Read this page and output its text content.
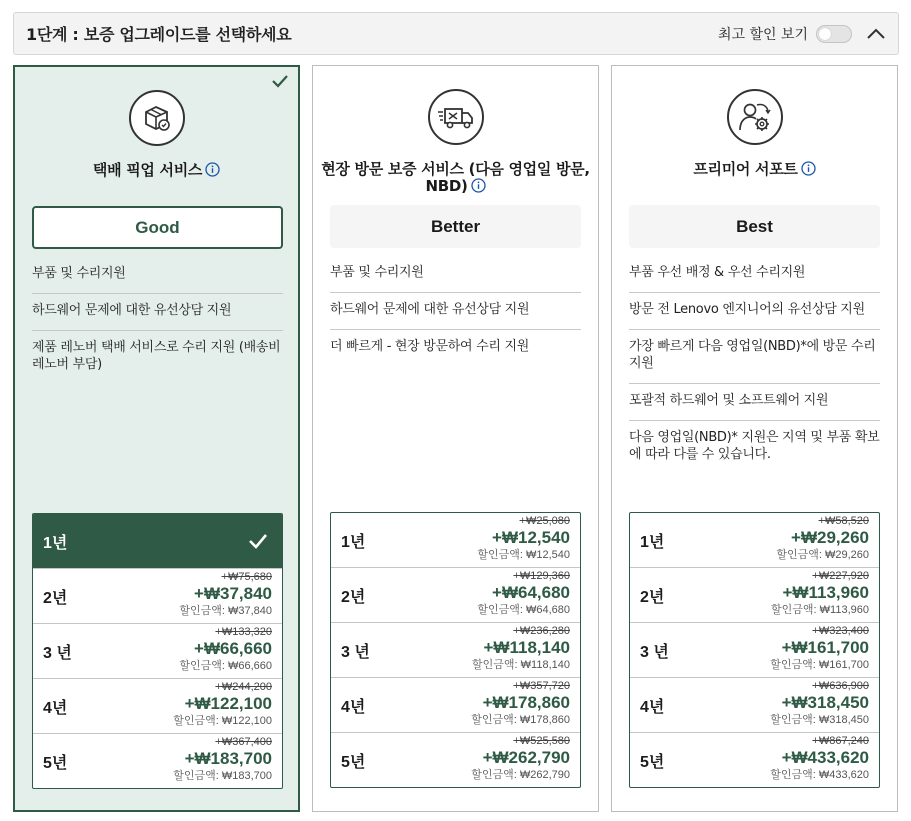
1단계 : 보증 업그레이드를 선택하세요	최고 할인 보기
택배 픽업 서비스
Good
부품 및 수리지원
하드웨어 문제에 대한 유선상담 지원
제품 레노버 택배 서비스로 수리 지원 (배송비 레노버 부담)
1년
2년
+₩75,680
+₩37,840
할인금액: ₩37,840
3 년
+₩133,320
+₩66,660
할인금액: ₩66,660
4년
+₩244,200
+₩122,100
할인금액: ₩122,100
5년
+₩367,400
+₩183,700
할인금액: ₩183,700
현장 방문 보증 서비스 (다음 영업일 방문, NBD)
Better
부품 및 수리지원
하드웨어 문제에 대한 유선상담 지원
더 빠르게 - 현장 방문하여 수리 지원
1년
+₩25,080
+₩12,540
할인금액: ₩12,540
2년
+₩129,360
+₩64,680
할인금액: ₩64,680
3 년
+₩236,280
+₩118,140
할인금액: ₩118,140
4년
+₩357,720
+₩178,860
할인금액: ₩178,860
5년
+₩525,580
+₩262,790
할인금액: ₩262,790
프리미어 서포트
Best
부품 우선 배정 & 우선 수리지원
방문 전 Lenovo 엔지니어의 유선상담 지원
가장 빠르게 다음 영업일(NBD)*에 방문 수리 지원
포괄적 하드웨어 및 소프트웨어 지원
다음 영업일(NBD)* 지원은 지역 및 부품 확보에 따라 다를 수 있습니다.
1년
+₩58,520
+₩29,260
할인금액: ₩29,260
2년
+₩227,920
+₩113,960
할인금액: ₩113,960
3 년
+₩323,400
+₩161,700
할인금액: ₩161,700
4년
+₩636,900
+₩318,450
할인금액: ₩318,450
5년
+₩867,240
+₩433,620
할인금액: ₩433,620
